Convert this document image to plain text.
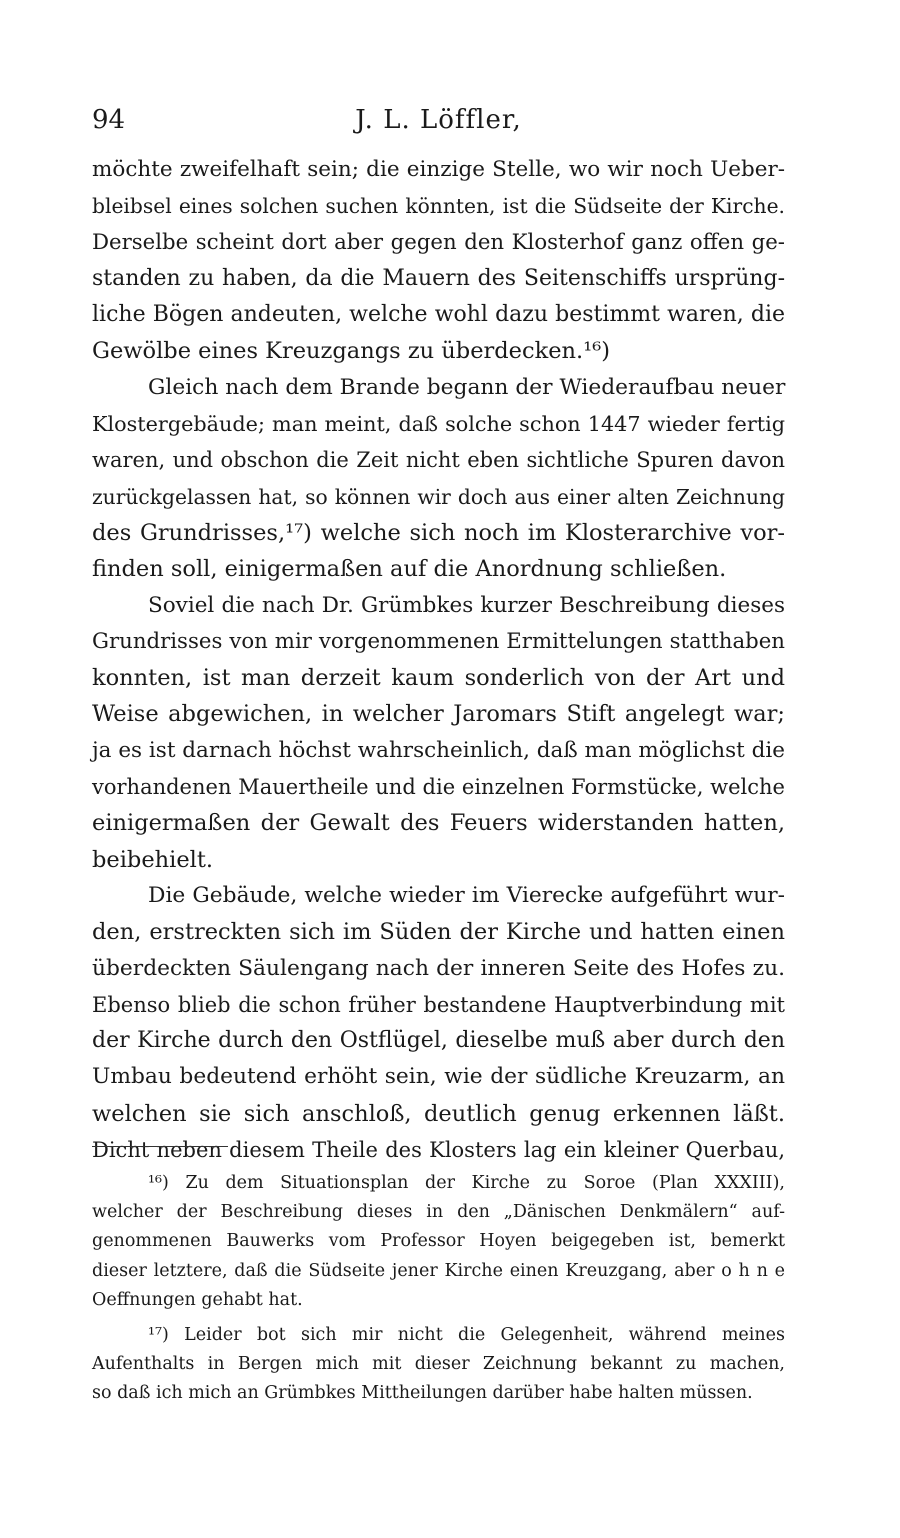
94	J. L. Löffler,
möchte zweifelhaft sein; die einzige Stelle, wo wir noch Ueber-
bleibsel eines solchen suchen könnten, ist die Südseite der Kirche.
Derselbe scheint dort aber gegen den Klosterhof ganz offen ge-
standen zu haben, da die Mauern des Seitenschiffs ursprüng-
liche Bögen andeuten, welche wohl dazu bestimmt waren, die
Gewölbe eines Kreuzgangs zu überdecken.¹⁶)
Gleich nach dem Brande begann der Wiederaufbau neuer
Klostergebäude; man meint, daß solche schon 1447 wieder fertig
waren, und obschon die Zeit nicht eben sichtliche Spuren davon
zurückgelassen hat, so können wir doch aus einer alten Zeichnung
des Grundrisses,¹⁷) welche sich noch im Klosterarchive vor-
finden soll, einigermaßen auf die Anordnung schließen.
Soviel die nach Dr. Grümbkes kurzer Beschreibung dieses
Grundrisses von mir vorgenommenen Ermittelungen statthaben
konnten, ist man derzeit kaum sonderlich von der Art und
Weise abgewichen, in welcher Jaromars Stift angelegt war;
ja es ist darnach höchst wahrscheinlich, daß man möglichst die
vorhandenen Mauertheile und die einzelnen Formstücke, welche
einigermaßen der Gewalt des Feuers widerstanden hatten,
beibehielt.
Die Gebäude, welche wieder im Vierecke aufgeführt wur-
den, erstreckten sich im Süden der Kirche und hatten einen
überdeckten Säulengang nach der inneren Seite des Hofes zu.
Ebenso blieb die schon früher bestandene Hauptverbindung mit
der Kirche durch den Ostflügel, dieselbe muß aber durch den
Umbau bedeutend erhöht sein, wie der südliche Kreuzarm, an
welchen sie sich anschloß, deutlich genug erkennen läßt.
Dicht neben diesem Theile des Klosters lag ein kleiner Querbau,
¹⁶) Zu dem Situationsplan der Kirche zu Soroe (Plan XXXIII),
welcher der Beschreibung dieses in den „Dänischen Denkmälern“ auf-
genommenen Bauwerks vom Professor Hoyen beigegeben ist, bemerkt
dieser letztere, daß die Südseite jener Kirche einen Kreuzgang, aber o h n e
Oeffnungen gehabt hat.
¹⁷) Leider bot sich mir nicht die Gelegenheit, während meines
Aufenthalts in Bergen mich mit dieser Zeichnung bekannt zu machen,
so daß ich mich an Grümbkes Mittheilungen darüber habe halten müssen.
